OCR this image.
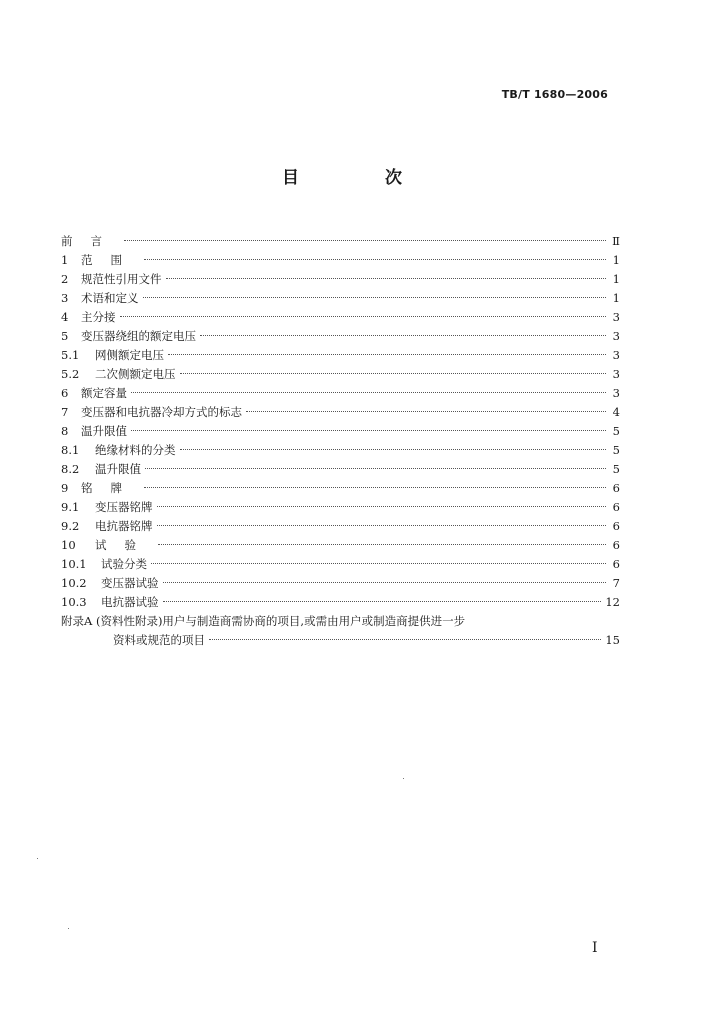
TB/T 1680—2006
目 次
前言	Ⅱ
1	范围	1
2	规范性引用文件	1
3	术语和定义	1
4	主分接	3
5	变压器绕组的额定电压	3
5.1	网侧额定电压	3
5.2	二次侧额定电压	3
6	额定容量	3
7	变压器和电抗器冷却方式的标志	4
8	温升限值	5
8.1	绝缘材料的分类	5
8.2	温升限值	5
9	铭牌	6
9.1	变压器铭牌	6
9.2	电抗器铭牌	6
10	试验	6
10.1	试验分类	6
10.2	变压器试验	7
10.3	电抗器试验	12
附录A (资料性附录)用户与制造商需协商的项目,或需由用户或制造商提供进一步
资料或规范的项目	15
I
